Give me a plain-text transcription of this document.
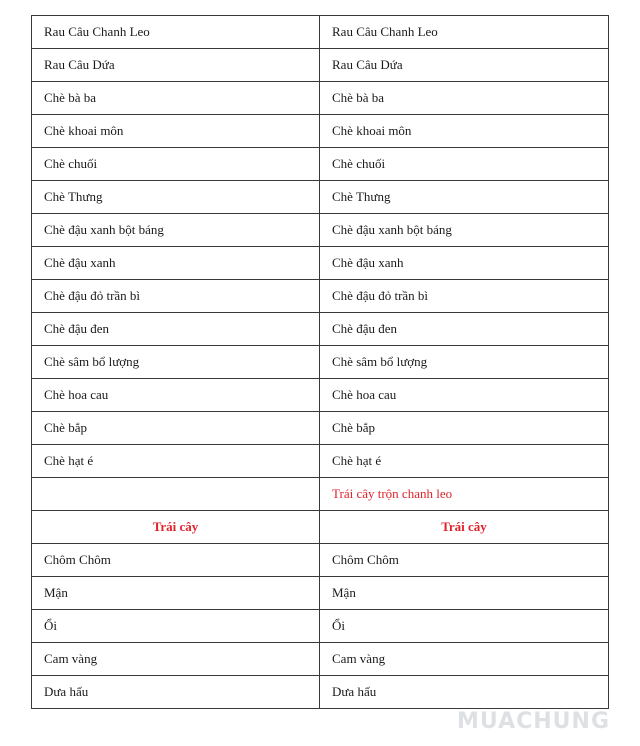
Rau Câu Chanh Leo	Rau Câu Chanh Leo
Rau Câu Dứa	Rau Câu Dứa
Chè bà ba	Chè bà ba
Chè khoai môn	Chè khoai môn
Chè chuối	Chè chuối
Chè Thưng	Chè Thưng
Chè đậu xanh bột báng	Chè đậu xanh bột báng
Chè đậu xanh	Chè đậu xanh
Chè đậu đỏ trần bì	Chè đậu đỏ trần bì
Chè đậu đen	Chè đậu đen
Chè sâm bổ lượng	Chè sâm bổ lượng
Chè hoa cau	Chè hoa cau
Chè bắp	Chè bắp
Chè hạt é	Chè hạt é
	Trái cây trộn chanh leo
Trái cây	Trái cây
Chôm Chôm	Chôm Chôm
Mận	Mận
Ổi	Ổi
Cam vàng	Cam vàng
Dưa hấu	Dưa hấu
MUACHUNG
